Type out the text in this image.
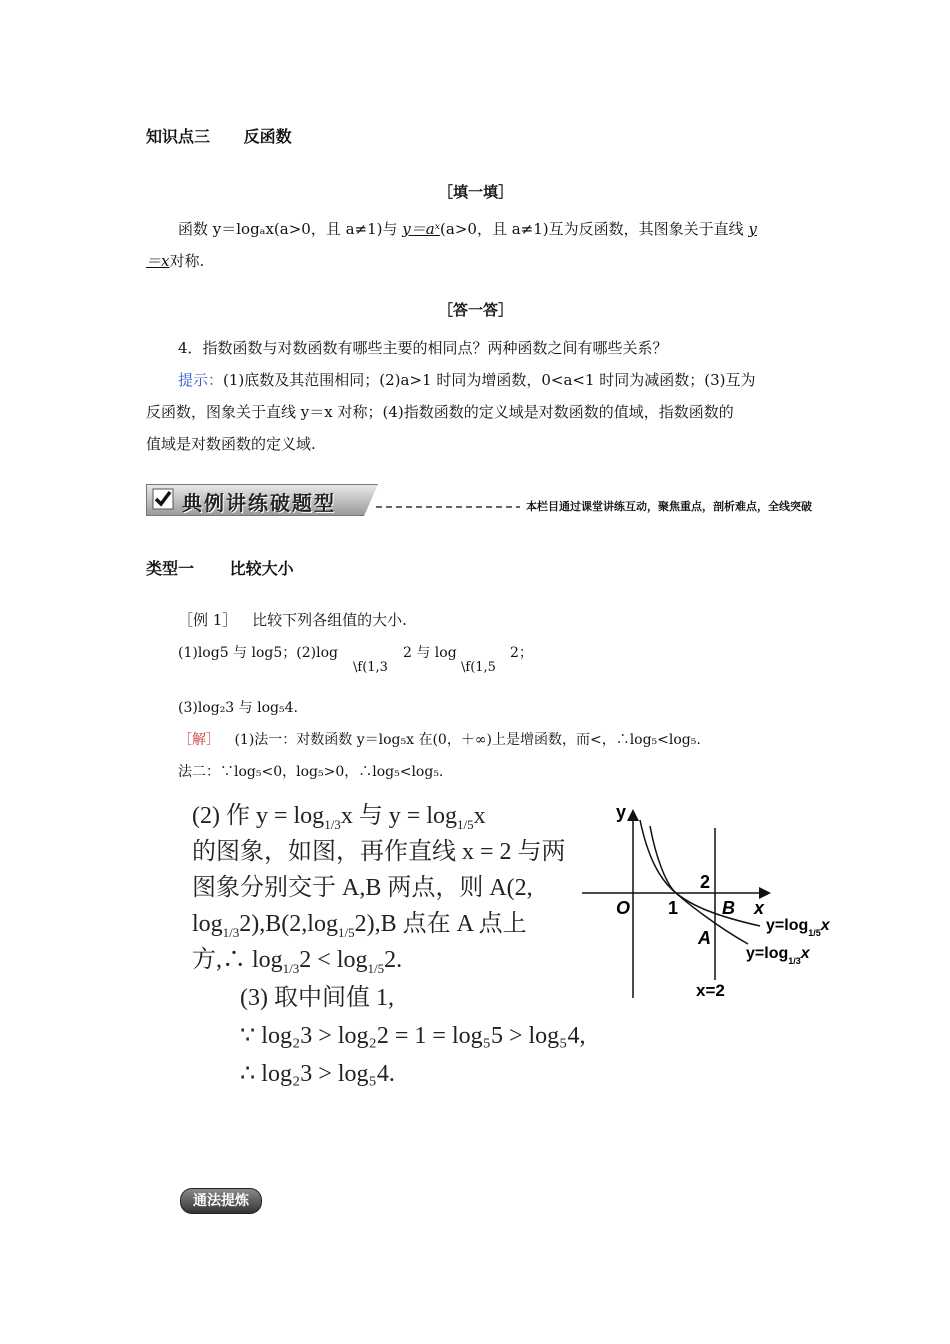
知识点三 反函数
［填一填］
函数 y＝logₐx(a>0，且 a≠1)与 y＝aˣ(a>0，且 a≠1)互为反函数，其图象关于直线 y
＝x对称.
［答一答］
4．指数函数与对数函数有哪些主要的相同点？两种函数之间有哪些关系？
提示：(1)底数及其范围相同；(2)a>1 时同为增函数，0<a<1 时同为减函数；(3)互为
反函数，图象关于直线 y＝x 对称；(4)指数函数的定义域是对数函数的值域，指数函数的
值域是对数函数的定义域.
典例讲练破题型	本栏目通过课堂讲练互动，聚焦重点，剖析难点，全线突破
类型一 比较大小
［例 1］ 比较下列各组值的大小.
(1)log5 与 log5；(2)log
\f(1,3
2 与 log
\f(1,5
2；
(3)log₂3 与 log₅4.
［解］ (1)法一：对数函数 y＝log₅x 在(0，＋∞)上是增函数，而<，∴log₅<log₅.
法二：∵log₅<0，log₅>0，∴log₅<log₅.
(2) 作 $y = \log_{1/3}x$ 与 $y = \log_{1/5}x$
的图象，如图，再作直线 x = 2 与两
图象分别交于 A,B 两点，则 A(2,
$\log_{1/3}2),B(2,\log_{1/5}2),B$ 点在 A 点上
方,∴ $\log_{1/3}2 < \log_{1/5}2$.
(3) 取中间值 1,
∵ log₂3 > log₂2 = 1 = log₅5 > log₅4,
∴ log₂3 > log₅4.
y
x
O 1
2
B
A
x=2
$y=\log_{1/5}x$
$y=\log_{1/3}x$
通法提炼
